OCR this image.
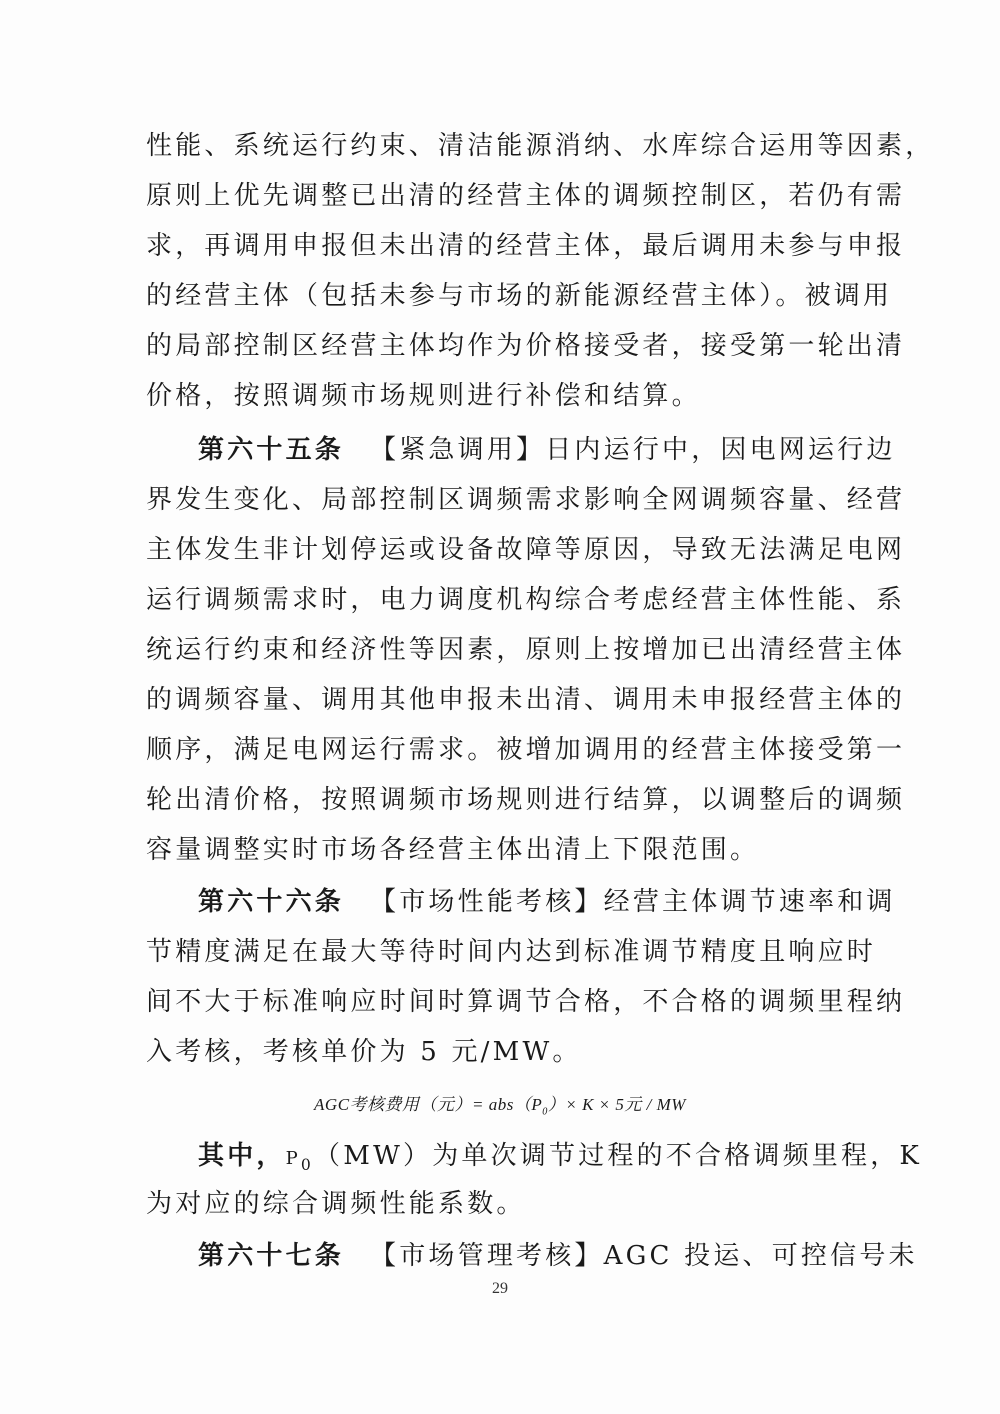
性能、系统运行约束、清洁能源消纳、水库综合运用等因素，
原则上优先调整已出清的经营主体的调频控制区，若仍有需
求，再调用申报但未出清的经营主体，最后调用未参与申报
的经营主体（包括未参与市场的新能源经营主体）。被调用
的局部控制区经营主体均作为价格接受者，接受第一轮出清
价格，按照调频市场规则进行补偿和结算。
第六十五条 【紧急调用】日内运行中，因电网运行边
界发生变化、局部控制区调频需求影响全网调频容量、经营
主体发生非计划停运或设备故障等原因，导致无法满足电网
运行调频需求时，电力调度机构综合考虑经营主体性能、系
统运行约束和经济性等因素，原则上按增加已出清经营主体
的调频容量、调用其他申报未出清、调用未申报经营主体的
顺序，满足电网运行需求。被增加调用的经营主体接受第一
轮出清价格，按照调频市场规则进行结算，以调整后的调频
容量调整实时市场各经营主体出清上下限范围。
第六十六条 【市场性能考核】经营主体调节速率和调
节精度满足在最大等待时间内达到标准调节精度且响应时
间不大于标准响应时间时算调节合格，不合格的调频里程纳
入考核，考核单价为 5 元/MW。
AGC考核费用（元）= $abs(P_0)\times K \times 5$元 / MW
其中，$P_0(MW)$为单次调节过程的不合格调频里程，K
为对应的综合调频性能系数。
第六十七条 【市场管理考核】AGC 投运、可控信号未
29
